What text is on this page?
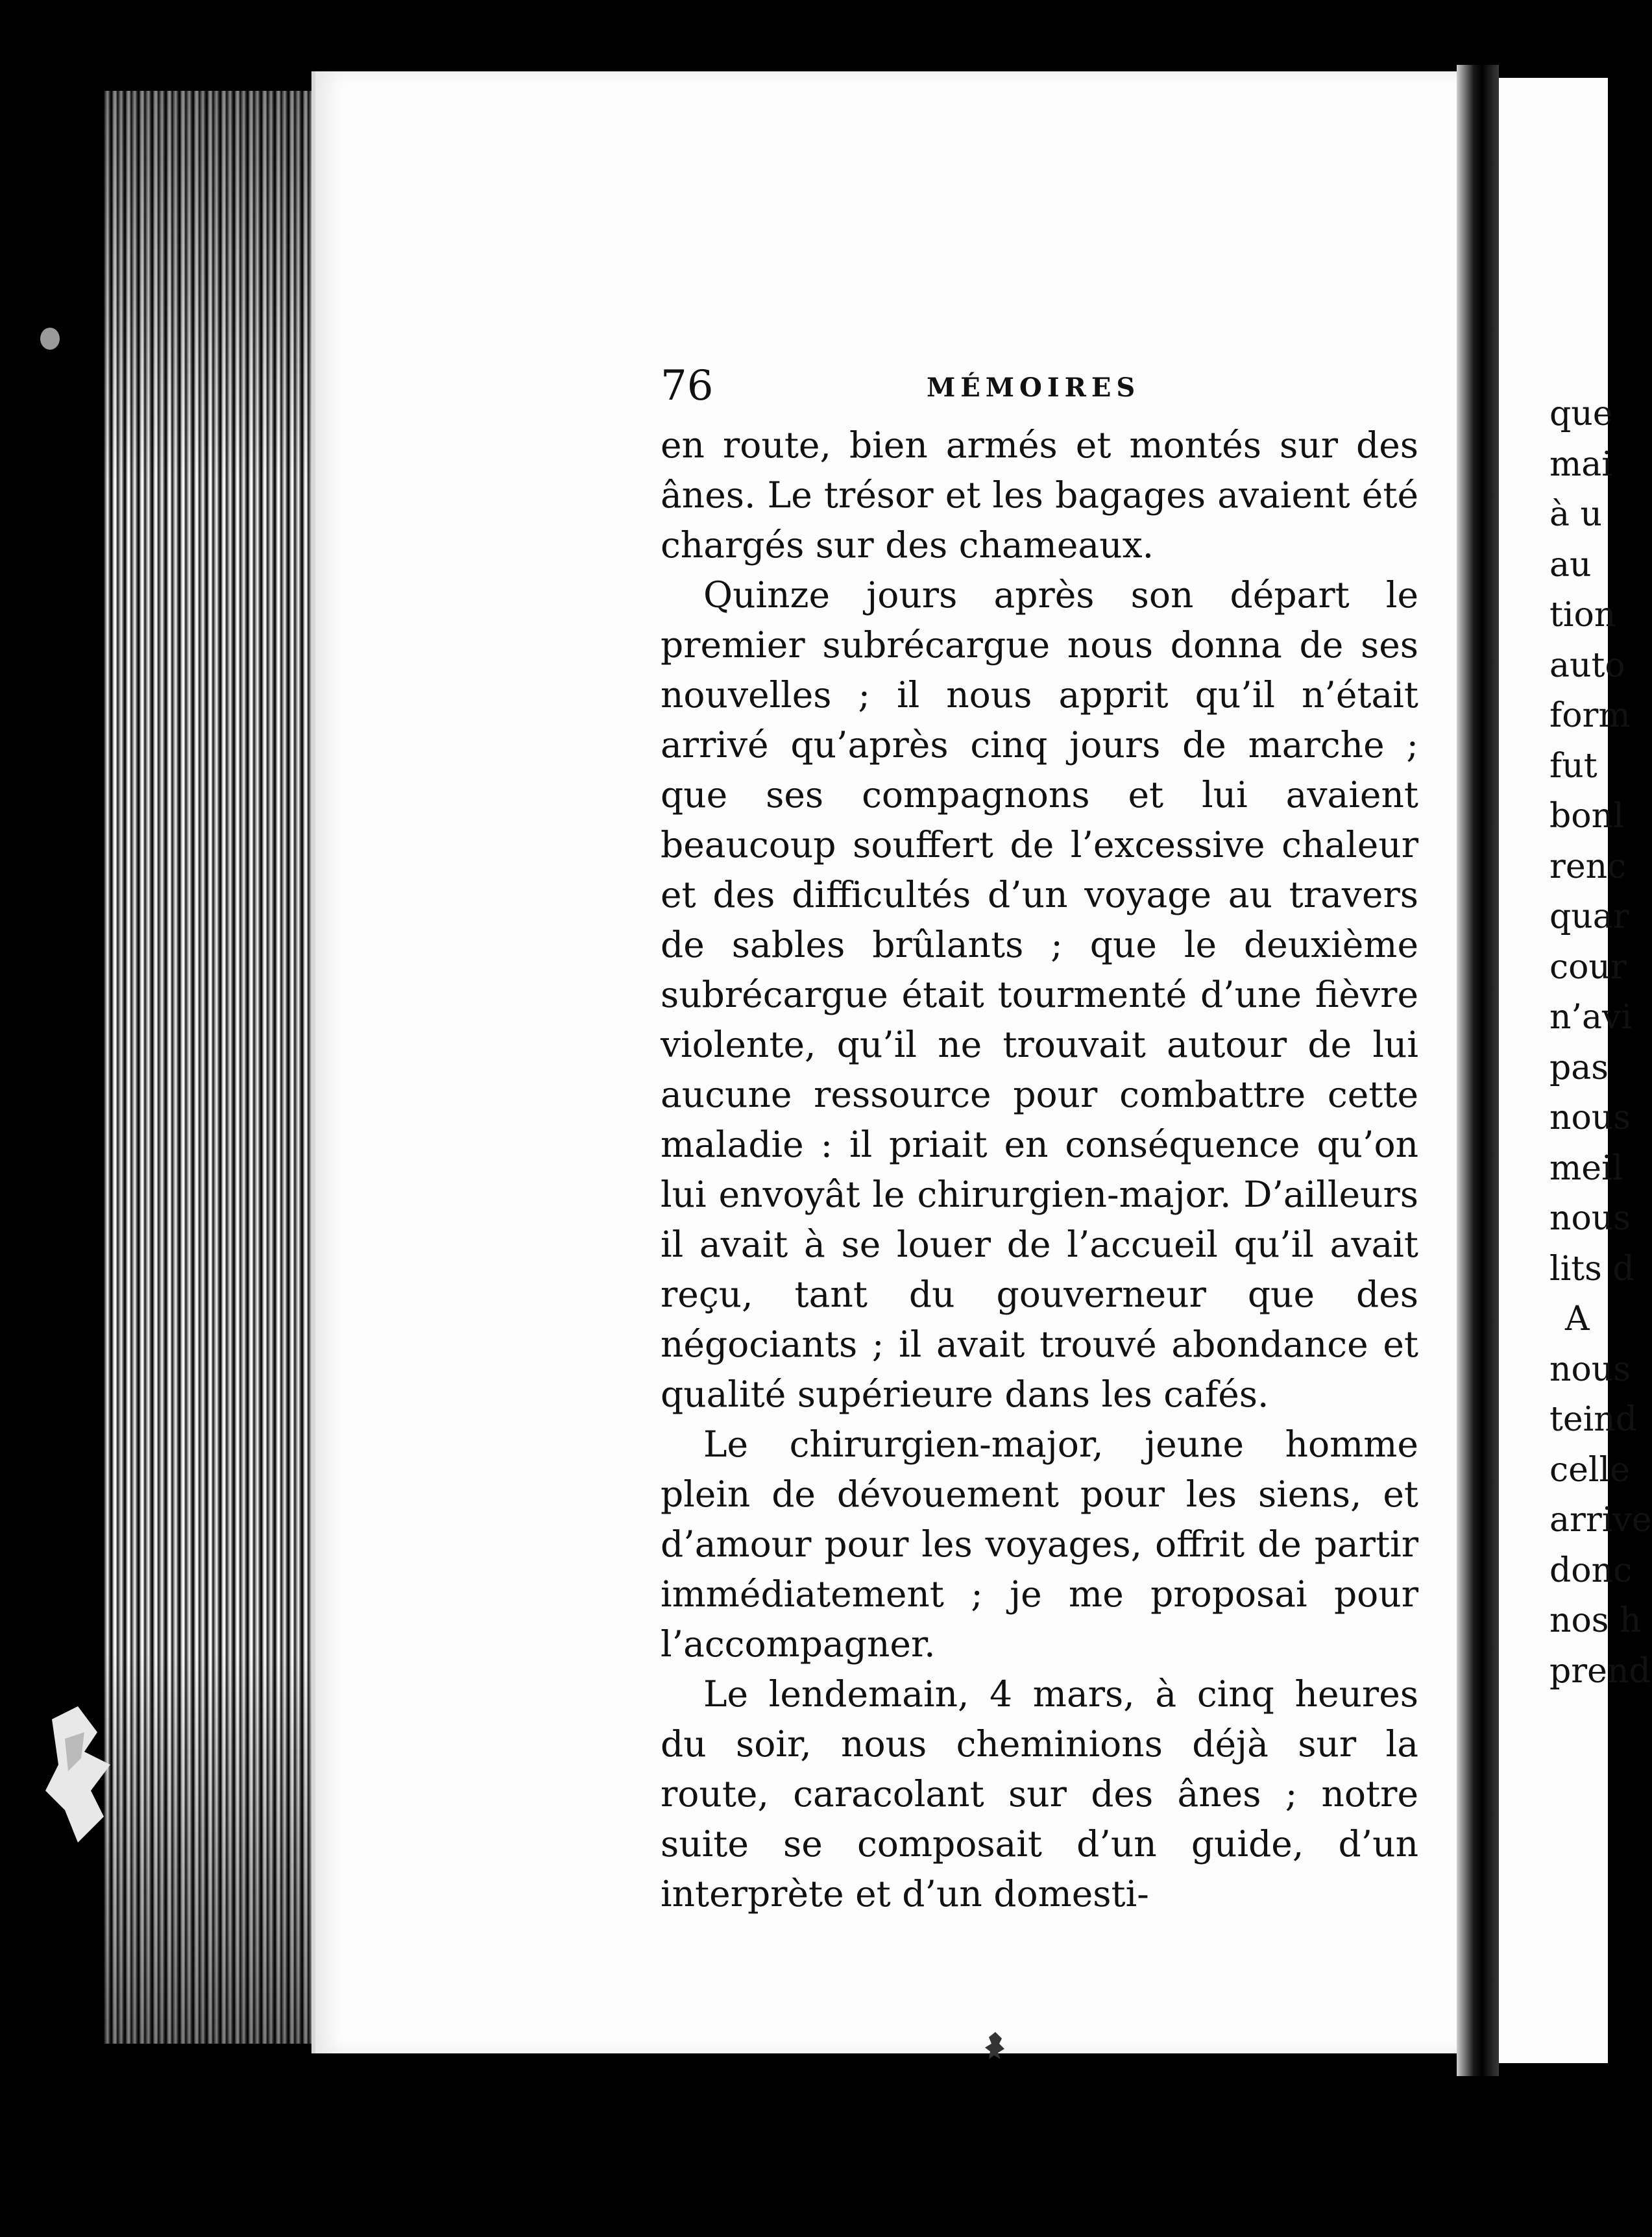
76	MÉMOIRES

en route, bien armés et montés sur des ânes. Le trésor et les bagages avaient été chargés sur des chameaux.

Quinze jours après son départ le premier subrécargue nous donna de ses nouvelles ; il nous apprit qu’il n’était arrivé qu’après cinq jours de marche ; que ses compagnons et lui avaient beaucoup souffert de l’excessive chaleur et des difficultés d’un voyage au travers de sables brûlants ; que le deuxième subrécargue était tourmenté d’une fièvre violente, qu’il ne trouvait autour de lui aucune ressource pour combattre cette maladie : il priait en conséquence qu’on lui envoyât le chirurgien-major. D’ailleurs il avait à se louer de l’accueil qu’il avait reçu, tant du gouverneur que des négociants ; il avait trouvé abondance et qualité supérieure dans les cafés.

Le chirurgien-major, jeune homme plein de dévouement pour les siens, et d’amour pour les voyages, offrit de partir immédiatement ; je me proposai pour l’accompagner.

Le lendemain, 4 mars, à cinq heures du soir, nous cheminions déjà sur la route, caracolant sur des ânes ; notre suite se composait d’un guide, d’un interprète et d’un domesti-

que
mai
à u
au
tion
auto
form
fut
bonl
renc
quar
cour
n’avi
pas
nous
meil
nous
lits d
A
nous
teind
celle
arrive
donc
nos h
prend
